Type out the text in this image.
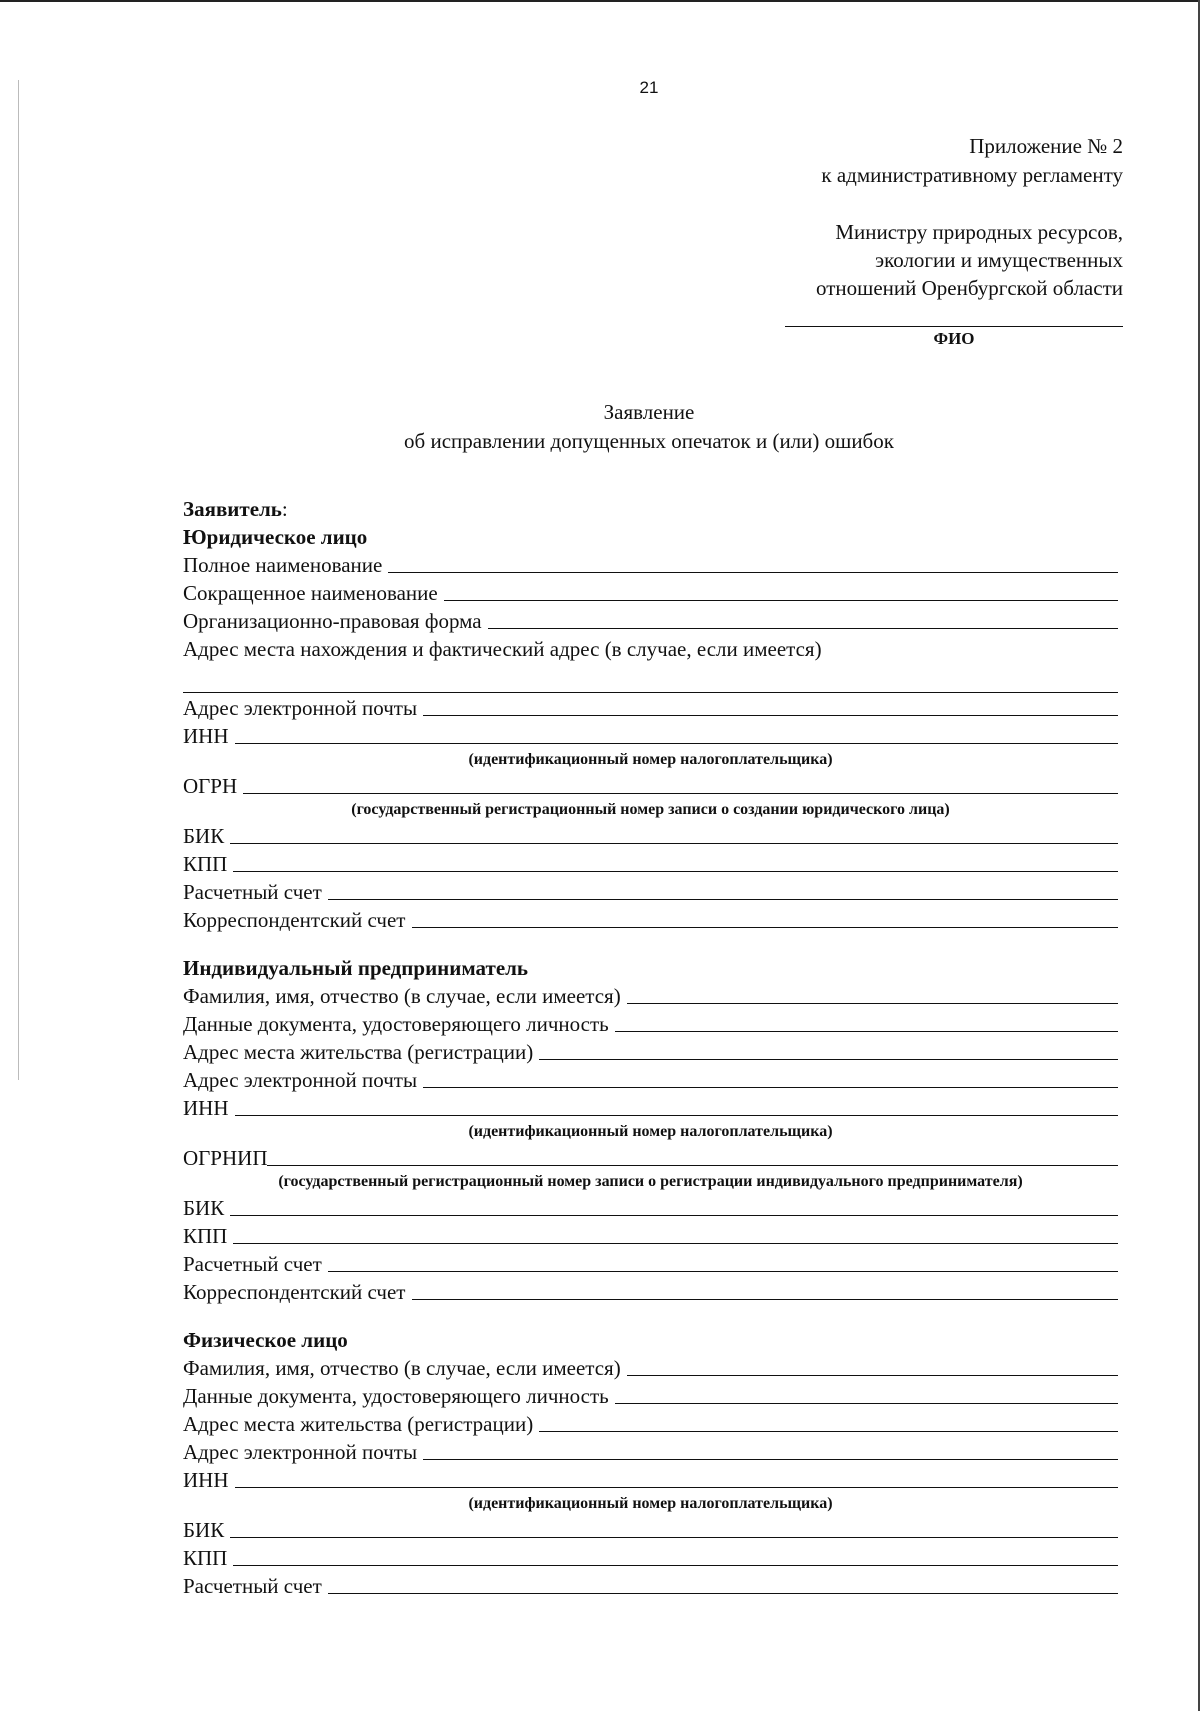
21
Приложение № 2
к административному регламенту
Министру природных ресурсов,
экологии и имущественных
отношений Оренбургской области
ФИО
Заявление
об исправлении допущенных опечаток и (или) ошибок
Заявитель :
Юридическое лицо
Полное наименование
Сокращенное наименование
Организационно-правовая форма
Адрес места нахождения и фактический адрес (в случае, если имеется)
Адрес электронной почты
ИНН
(идентификационный номер налогоплательщика)
ОГРН
(государственный регистрационный номер записи о создании юридического лица)
БИК
КПП
Расчетный счет
Корреспондентский счет
Индивидуальный предприниматель
Фамилия, имя, отчество (в случае, если имеется)
Данные документа, удостоверяющего личность
Адрес места жительства (регистрации)
Адрес электронной почты
ИНН
(идентификационный номер налогоплательщика)
ОГРНИП
(государственный регистрационный номер записи о регистрации индивидуального предпринимателя)
БИК
КПП
Расчетный счет
Корреспондентский счет
Физическое лицо
Фамилия, имя, отчество (в случае, если имеется)
Данные документа, удостоверяющего личность
Адрес места жительства (регистрации)
Адрес электронной почты
ИНН
(идентификационный номер налогоплательщика)
БИК
КПП
Расчетный счет
